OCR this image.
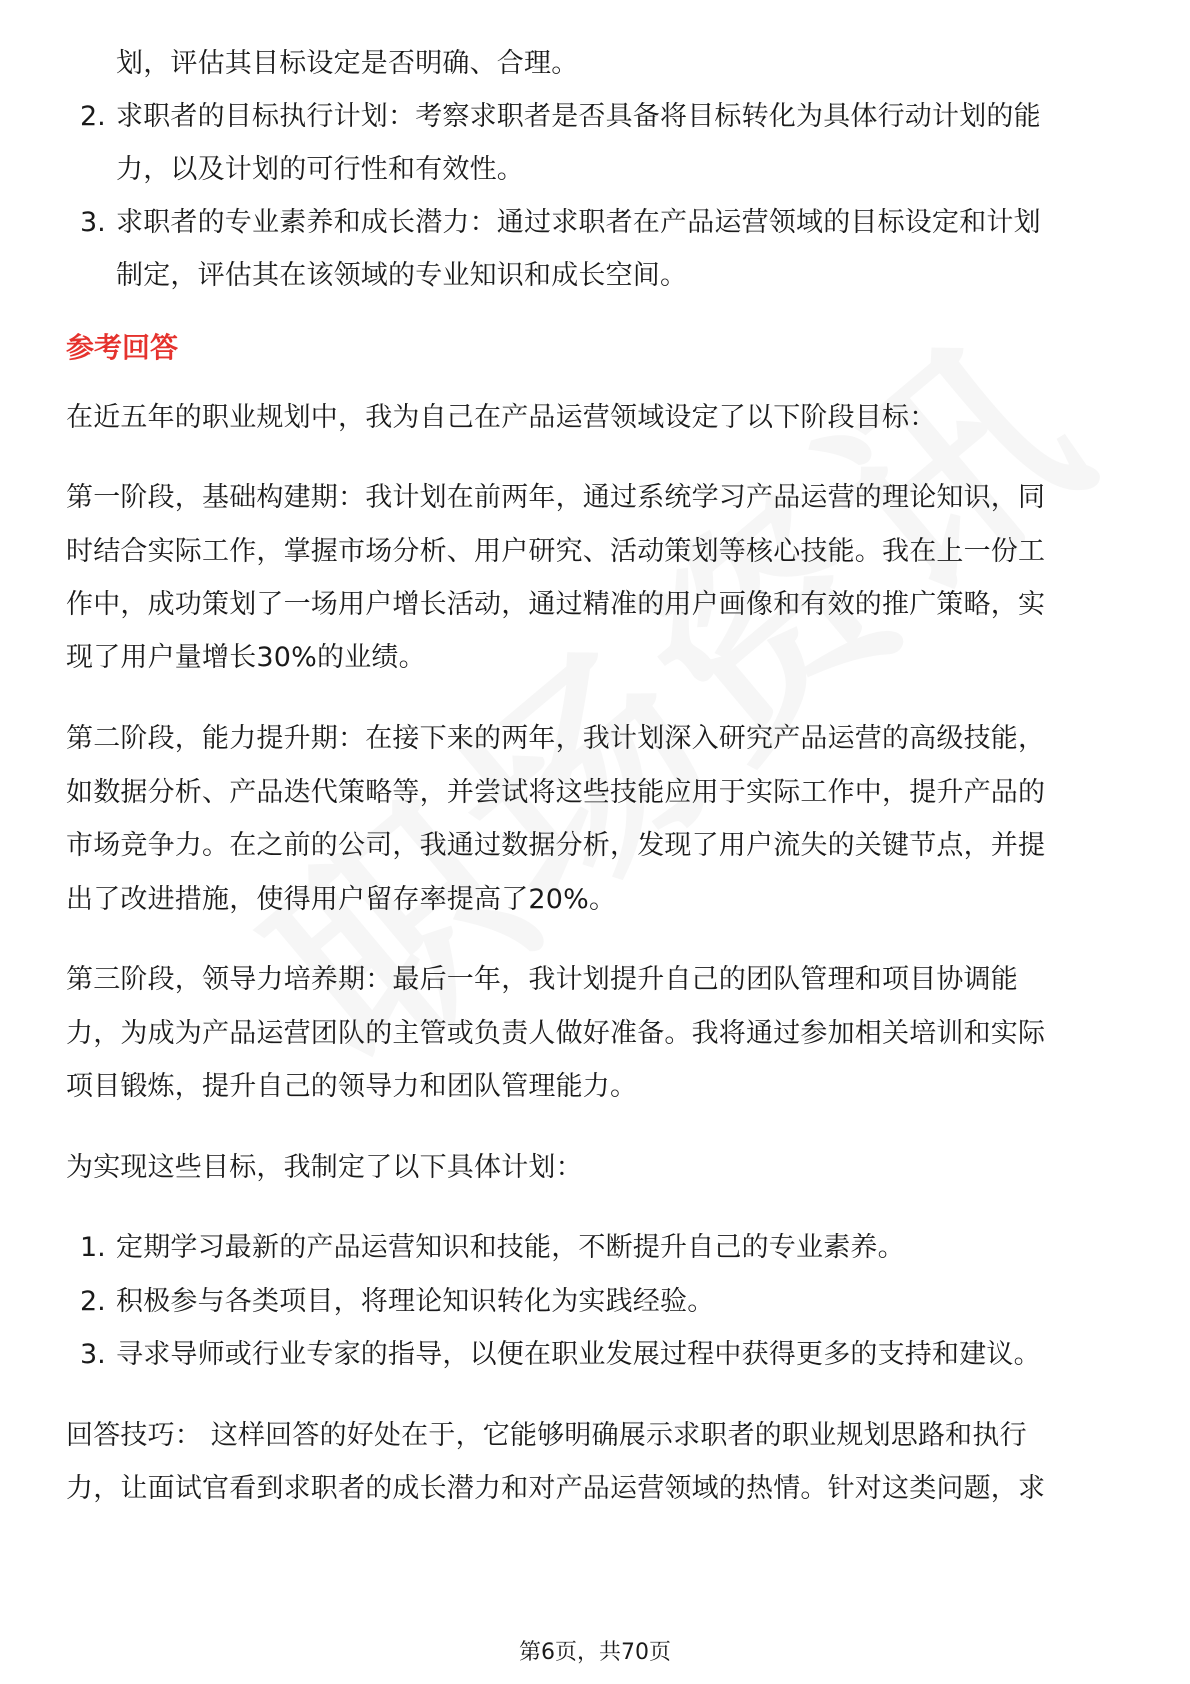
划，评估其目标设定是否明确、合理。
2. 求职者的目标执行计划：考察求职者是否具备将目标转化为具体行动计划的能
力，以及计划的可行性和有效性。
3. 求职者的专业素养和成长潜力：通过求职者在产品运营领域的目标设定和计划
制定，评估其在该领域的专业知识和成长空间。
参考回答
在近五年的职业规划中，我为自己在产品运营领域设定了以下阶段目标：
第一阶段，基础构建期：我计划在前两年，通过系统学习产品运营的理论知识，同
时结合实际工作，掌握市场分析、用户研究、活动策划等核心技能。我在上一份工
作中，成功策划了一场用户增长活动，通过精准的用户画像和有效的推广策略，实
现了用户量增长30%的业绩。
第二阶段，能力提升期：在接下来的两年，我计划深入研究产品运营的高级技能，
如数据分析、产品迭代策略等，并尝试将这些技能应用于实际工作中，提升产品的
市场竞争力。在之前的公司，我通过数据分析，发现了用户流失的关键节点，并提
出了改进措施，使得用户留存率提高了20%。
第三阶段，领导力培养期：最后一年，我计划提升自己的团队管理和项目协调能
力，为成为产品运营团队的主管或负责人做好准备。我将通过参加相关培训和实际
项目锻炼，提升自己的领导力和团队管理能力。
为实现这些目标，我制定了以下具体计划：
1. 定期学习最新的产品运营知识和技能，不断提升自己的专业素养。
2. 积极参与各类项目，将理论知识转化为实践经验。
3. 寻求导师或行业专家的指导，以便在职业发展过程中获得更多的支持和建议。
回答技巧： 这样回答的好处在于，它能够明确展示求职者的职业规划思路和执行
力，让面试官看到求职者的成长潜力和对产品运营领域的热情。针对这类问题，求
第6页，共70页
